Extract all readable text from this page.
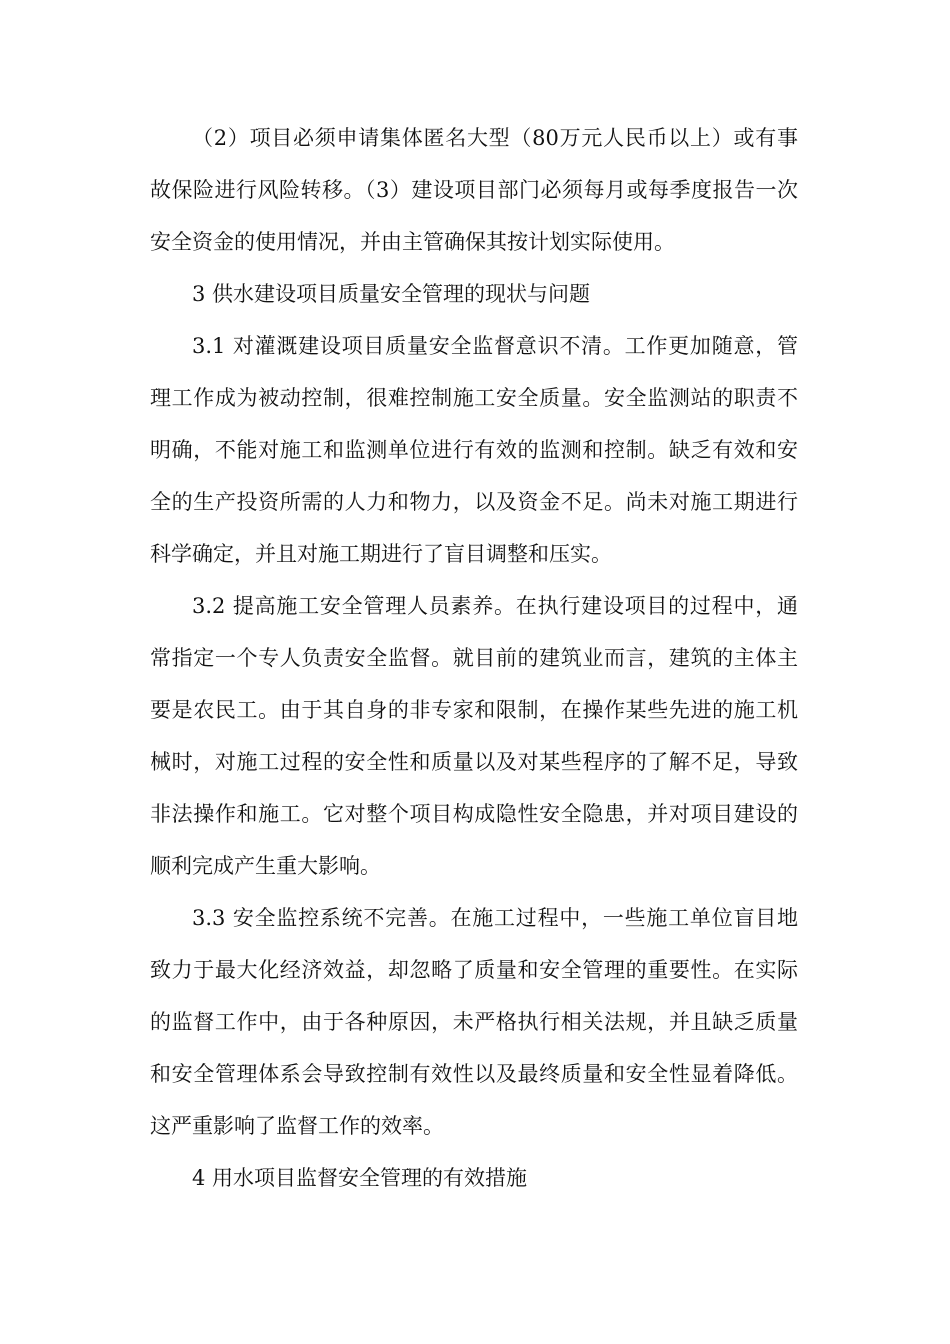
（2）项目必须申请集体匿名大型（80万元人民币以上）或有事故保险进行风险转移。（3）建设项目部门必须每月或每季度报告一次安全资金的使用情况，并由主管确保其按计划实际使用。

3 供水建设项目质量安全管理的现状与问题

3.1 对灌溉建设项目质量安全监督意识不清。工作更加随意，管理工作成为被动控制，很难控制施工安全质量。安全监测站的职责不明确，不能对施工和监测单位进行有效的监测和控制。缺乏有效和安全的生产投资所需的人力和物力，以及资金不足。尚未对施工期进行科学确定，并且对施工期进行了盲目调整和压实。

3.2 提高施工安全管理人员素养。在执行建设项目的过程中，通常指定一个专人负责安全监督。就目前的建筑业而言，建筑的主体主要是农民工。由于其自身的非专家和限制，在操作某些先进的施工机械时，对施工过程的安全性和质量以及对某些程序的了解不足，导致非法操作和施工。它对整个项目构成隐性安全隐患，并对项目建设的顺利完成产生重大影响。

3.3 安全监控系统不完善。在施工过程中，一些施工单位盲目地致力于最大化经济效益，却忽略了质量和安全管理的重要性。在实际的监督工作中，由于各种原因，未严格执行相关法规，并且缺乏质量和安全管理体系会导致控制有效性以及最终质量和安全性显着降低。这严重影响了监督工作的效率。

4 用水项目监督安全管理的有效措施
